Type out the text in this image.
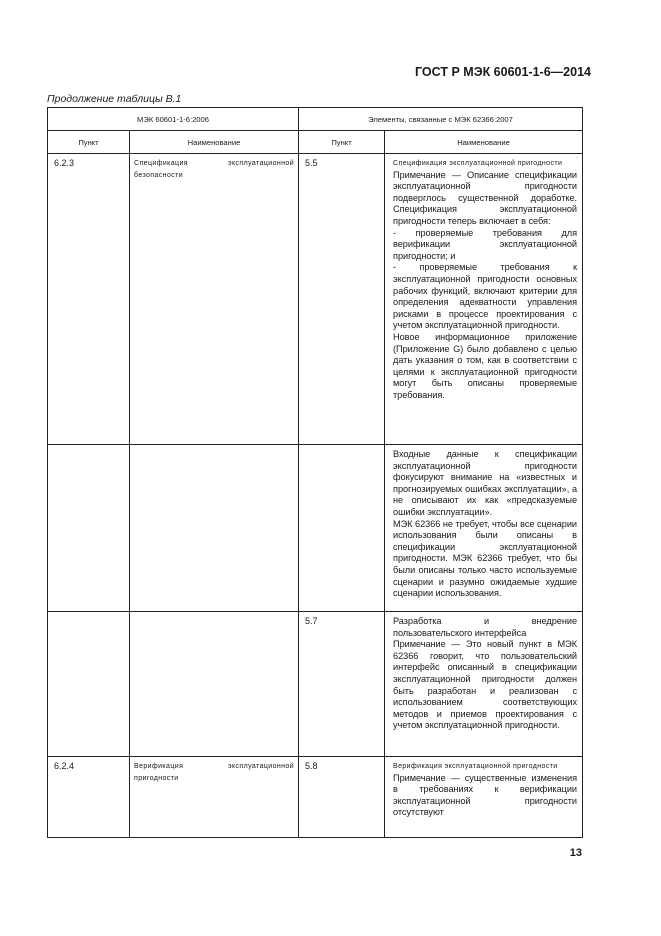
ГОСТ Р МЭК 60601-1-6—2014
Продолжение таблицы В.1
МЭК 60601-1-6:2006		Элементы, связанные с МЭК 62366:2007	
Пункт	Наименование	Пункт	Наименование
6.2.3	Спецификация эксплуатационной безопасности	5.5	Спецификация эксплуатационной пригодности

Примечание — Описание спецификации эксплуатационной пригодности подверглось существенной доработке. Спецификация эксплуатационной пригодности теперь включает в себя:

- проверяемые требования для верификации эксплуатационной пригодности; и

- проверяемые требования к эксплуатационной пригодности основных рабочих функций, включают критерии для определения адекватности управления рисками в процессе проектирования с учетом эксплуатационной пригодности.

Новое информационное приложение (Приложение G) было добавлено с целью дать указания о том, как в соответствии с целями к эксплуатационной пригодности могут быть описаны проверяемые требования.

			Входные данные к спецификации эксплуатационной пригодности фокусируют внимание на «известных и прогнозируемых ошибках эксплуатации», а не описывают их как «предсказуемые ошибки эксплуатации».

МЭК 62366 не требует, чтобы все сценарии использования были описаны в спецификации эксплуатационной пригодности. МЭК 62366 требует, что бы были описаны только часто используемые сценарии и разумно ожидаемые худшие сценарии использования.

		5.7	Разработка и внедрение пользовательского интерфейса

Примечание — Это новый пункт в МЭК 62366 говорит, что пользовательский интерфейс описанный в спецификации эксплуатационной пригодности должен быть разработан и реализован с использованием соответствующих методов и приемов проектирования с учетом эксплуатационной пригодности.

6.2.4	Верификация эксплуатационной пригодности	5.8	Верификация эксплуатационной пригодности

Примечание — существенные изменения в требованиях к верификации эксплуатационной пригодности отсутствуют

13
